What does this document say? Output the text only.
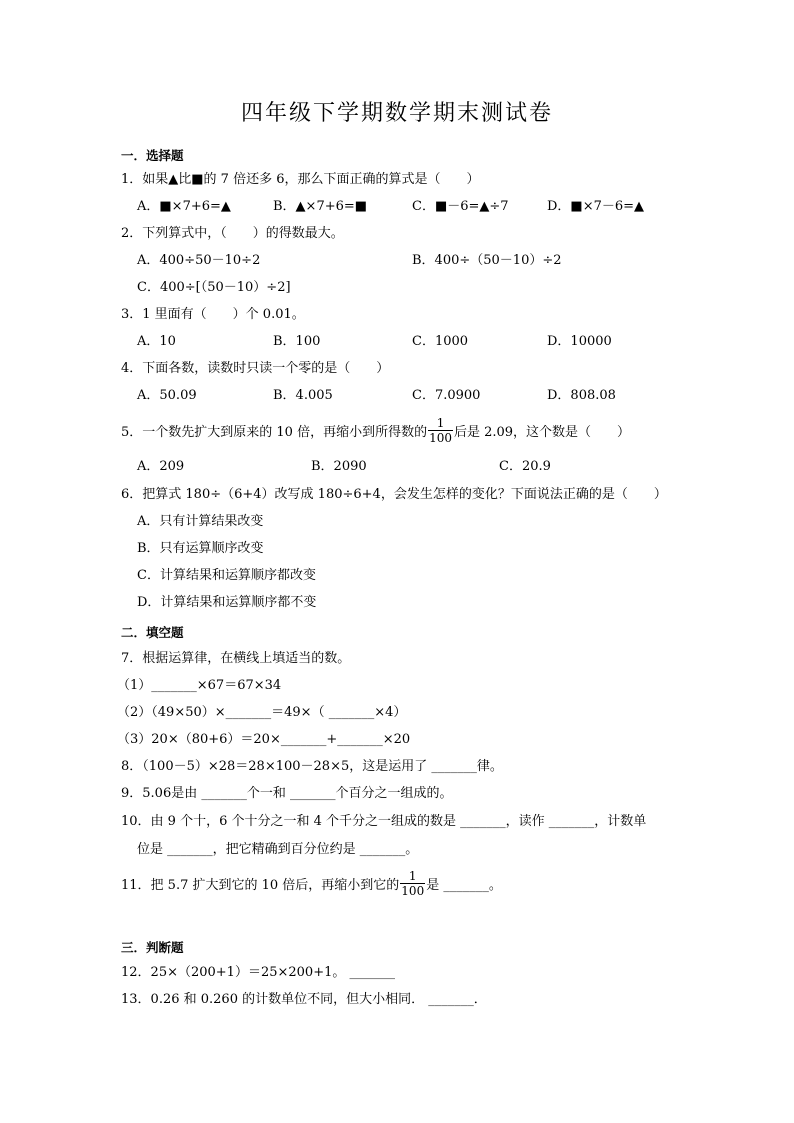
四年级下学期数学期末测试卷
一．选择题
1．如果▲比■的 7 倍还多 6，那么下面正确的算式是（　　）
A．■×7+6=▲	B．▲×7+6=■	C．■－6=▲÷7	D．■×7－6=▲
2．下列算式中，（　　）的得数最大。
A．400÷50－10÷2	B．400÷（50－10）÷2
C．400÷[（50－10）÷2]
3．1 里面有（　　）个 0.01。
A．10	B．100	C．1000	D．10000
4．下面各数，读数时只读一个零的是（　　）
A．50.09	B．4.005	C．7.0900	D．808.08
5．一个数先扩大到原来的 10 倍，再缩小到所得数的 $\frac{1}{100}$ 后是 2.09，这个数是（　　）
A．209	B．2090	C．20.9
6．把算式 180÷（6+4）改写成 180÷6+4，会发生怎样的变化？下面说法正确的是（　　）
A．只有计算结果改变
B．只有运算顺序改变
C．计算结果和运算顺序都改变
D．计算结果和运算顺序都不变
二．填空题
7．根据运算律，在横线上填适当的数。
（1）_______×67＝67×34
（2）（49×50）×_______＝49×（ _______×4）
（3）20×（80+6）＝20×_______+_______×20
8．（100－5）×28＝28×100－28×5，这是运用了 _______律。
9．5.06是由 _______个一和 _______个百分之一组成的。
10．由 9 个十，6 个十分之一和 4 个千分之一组成的数是 _______，读作 _______，计数单
位是 _______，把它精确到百分位约是 _______。
11．把 5.7 扩大到它的 10 倍后，再缩小到它的 $\frac{1}{100}$ 是 _______。
三．判断题
12．25×（200+1）＝25×200+1。 _______
13．0.26 和 0.260 的计数单位不同，但大小相同． _______．
